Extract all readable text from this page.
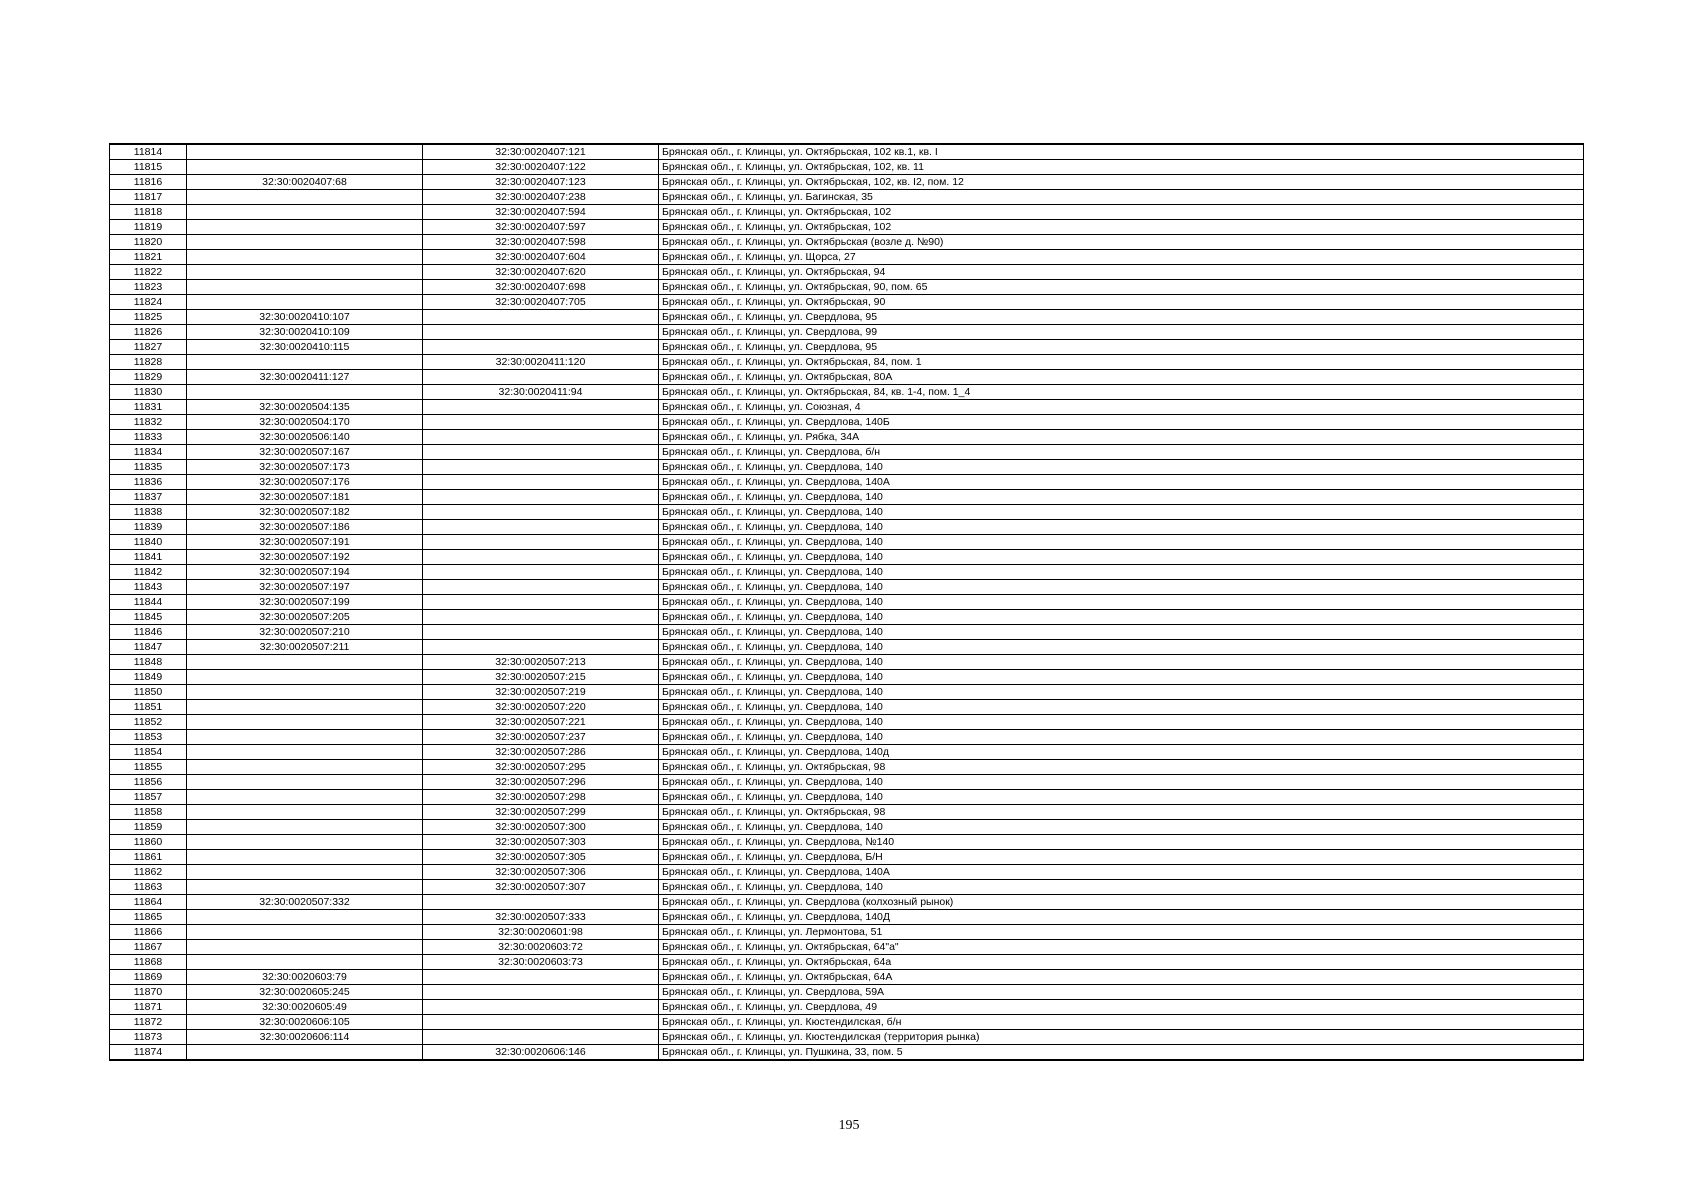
11814		32:30:0020407:121	Брянская обл., г. Клинцы, ул. Октябрьская, 102 кв.1, кв. I
11815		32:30:0020407:122	Брянская обл., г. Клинцы, ул. Октябрьская, 102, кв. 11
11816	32:30:0020407:68	32:30:0020407:123	Брянская обл., г. Клинцы, ул. Октябрьская, 102, кв. I2, пом. 12
11817		32:30:0020407:238	Брянская обл., г. Клинцы, ул. Багинская, 35
11818		32:30:0020407:594	Брянская обл., г. Клинцы, ул. Октябрьская, 102
11819		32:30:0020407:597	Брянская обл., г. Клинцы, ул. Октябрьская, 102
11820		32:30:0020407:598	Брянская обл., г. Клинцы, ул. Октябрьская (возле д. №90)
11821		32:30:0020407:604	Брянская обл., г. Клинцы, ул. Щорса, 27
11822		32:30:0020407:620	Брянская обл., г. Клинцы, ул. Октябрьская, 94
11823		32:30:0020407:698	Брянская обл., г. Клинцы, ул. Октябрьская, 90, пом. 65
11824		32:30:0020407:705	Брянская обл., г. Клинцы, ул. Октябрьская, 90
11825	32:30:0020410:107		Брянская обл., г. Клинцы, ул. Свердлова, 95
11826	32:30:0020410:109		Брянская обл., г. Клинцы, ул. Свердлова, 99
11827	32:30:0020410:115		Брянская обл., г. Клинцы, ул. Свердлова, 95
11828		32:30:0020411:120	Брянская обл., г. Клинцы, ул. Октябрьская, 84, пом. 1
11829	32:30:0020411:127		Брянская обл., г. Клинцы, ул. Октябрьская, 80А
11830		32:30:0020411:94	Брянская обл., г. Клинцы, ул. Октябрьская, 84, кв. 1-4, пом. 1_4
11831	32:30:0020504:135		Брянская обл., г. Клинцы, ул. Союзная, 4
11832	32:30:0020504:170		Брянская обл., г. Клинцы, ул. Свердлова, 140Б
11833	32:30:0020506:140		Брянская обл., г. Клинцы, ул. Рябка, 34А
11834	32:30:0020507:167		Брянская обл., г. Клинцы, ул. Свердлова, б/н
11835	32:30:0020507:173		Брянская обл., г. Клинцы, ул. Свердлова, 140
11836	32:30:0020507:176		Брянская обл., г. Клинцы, ул. Свердлова, 140А
11837	32:30:0020507:181		Брянская обл., г. Клинцы, ул. Свердлова, 140
11838	32:30:0020507:182		Брянская обл., г. Клинцы, ул. Свердлова, 140
11839	32:30:0020507:186		Брянская обл., г. Клинцы, ул. Свердлова, 140
11840	32:30:0020507:191		Брянская обл., г. Клинцы, ул. Свердлова, 140
11841	32:30:0020507:192		Брянская обл., г. Клинцы, ул. Свердлова, 140
11842	32:30:0020507:194		Брянская обл., г. Клинцы, ул. Свердлова, 140
11843	32:30:0020507:197		Брянская обл., г. Клинцы, ул. Свердлова, 140
11844	32:30:0020507:199		Брянская обл., г. Клинцы, ул. Свердлова, 140
11845	32:30:0020507:205		Брянская обл., г. Клинцы, ул. Свердлова, 140
11846	32:30:0020507:210		Брянская обл., г. Клинцы, ул. Свердлова, 140
11847	32:30:0020507:211		Брянская обл., г. Клинцы, ул. Свердлова, 140
11848		32:30:0020507:213	Брянская обл., г. Клинцы, ул. Свердлова, 140
11849		32:30:0020507:215	Брянская обл., г. Клинцы, ул. Свердлова, 140
11850		32:30:0020507:219	Брянская обл., г. Клинцы, ул. Свердлова, 140
11851		32:30:0020507:220	Брянская обл., г. Клинцы, ул. Свердлова, 140
11852		32:30:0020507:221	Брянская обл., г. Клинцы, ул. Свердлова, 140
11853		32:30:0020507:237	Брянская обл., г. Клинцы, ул. Свердлова, 140
11854		32:30:0020507:286	Брянская обл., г. Клинцы, ул. Свердлова, 140д
11855		32:30:0020507:295	Брянская обл., г. Клинцы, ул. Октябрьская, 98
11856		32:30:0020507:296	Брянская обл., г. Клинцы, ул. Свердлова, 140
11857		32:30:0020507:298	Брянская обл., г. Клинцы, ул. Свердлова, 140
11858		32:30:0020507:299	Брянская обл., г. Клинцы, ул. Октябрьская, 98
11859		32:30:0020507:300	Брянская обл., г. Клинцы, ул. Свердлова, 140
11860		32:30:0020507:303	Брянская обл., г. Клинцы, ул. Свердлова, №140
11861		32:30:0020507:305	Брянская обл., г. Клинцы, ул. Свердлова, Б/Н
11862		32:30:0020507:306	Брянская обл., г. Клинцы, ул. Свердлова, 140А
11863		32:30:0020507:307	Брянская обл., г. Клинцы, ул. Свердлова, 140
11864	32:30:0020507:332		Брянская обл., г. Клинцы, ул. Свердлова (колхозный рынок)
11865		32:30:0020507:333	Брянская обл., г. Клинцы, ул. Свердлова, 140Д
11866		32:30:0020601:98	Брянская обл., г. Клинцы, ул. Лермонтова, 51
11867		32:30:0020603:72	Брянская обл., г. Клинцы, ул. Октябрьская, 64"а"
11868		32:30:0020603:73	Брянская обл., г. Клинцы, ул. Октябрьская, 64а
11869	32:30:0020603:79		Брянская обл., г. Клинцы, ул. Октябрьская, 64А
11870	32:30:0020605:245		Брянская обл., г. Клинцы, ул. Свердлова, 59А
11871	32:30:0020605:49		Брянская обл., г. Клинцы, ул. Свердлова, 49
11872	32:30:0020606:105		Брянская обл., г. Клинцы, ул. Кюстендилская, б/н
11873	32:30:0020606:114		Брянская обл., г. Клинцы, ул. Кюстендилская (территория рынка)
11874		32:30:0020606:146	Брянская обл., г. Клинцы, ул. Пушкина, 33, пом. 5
195
